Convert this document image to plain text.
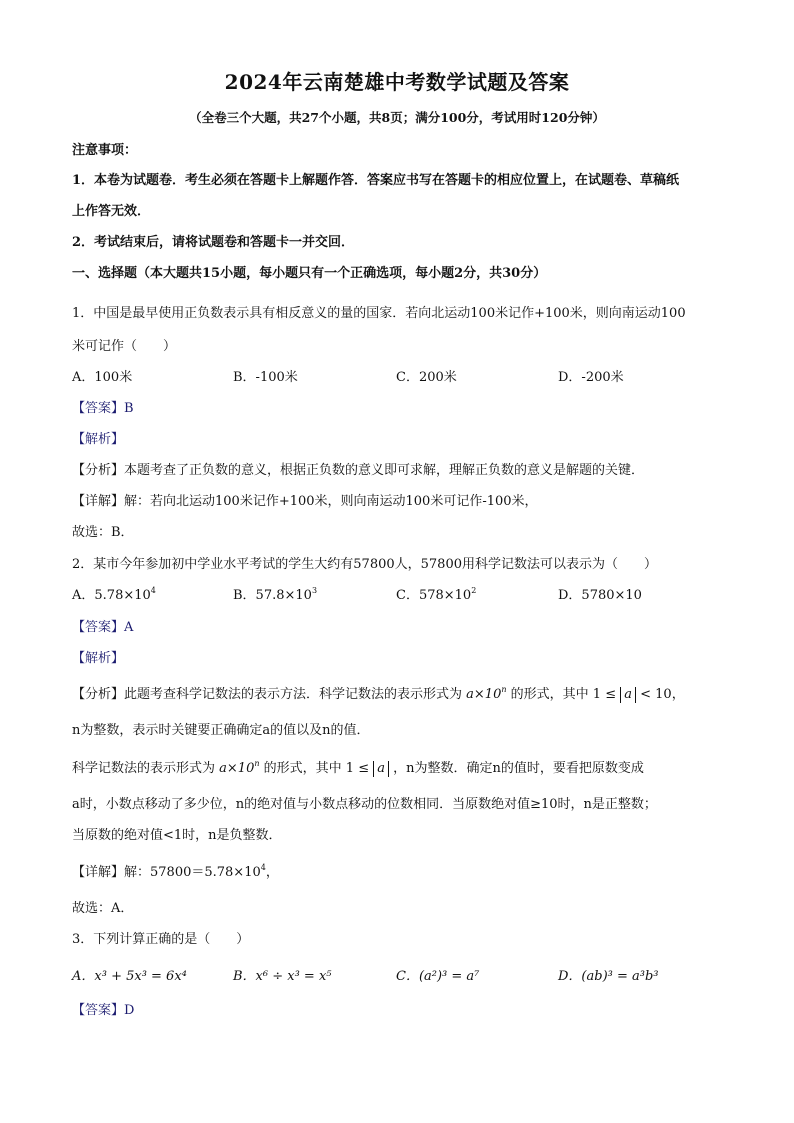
2024年云南楚雄中考数学试题及答案
（全卷三个大题，共27个小题，共8页；满分100分，考试用时120分钟）
注意事项：
1．本卷为试题卷．考生必须在答题卡上解题作答．答案应书写在答题卡的相应位置上，在试题卷、草稿纸
上作答无效．
2．考试结束后，请将试题卷和答题卡一并交回．
一、选择题（本大题共15小题，每小题只有一个正确选项，每小题2分，共30分）
1．中国是最早使用正负数表示具有相反意义的量的国家．若向北运动100米记作+100米，则向南运动100
米可记作（　　）
A．100米	B．-100米	C．200米	D．-200米
【答案】B
【解析】
【分析】本题考查了正负数的意义，根据正负数的意义即可求解，理解正负数的意义是解题的关键．
【详解】解：若向北运动100米记作+100米，则向南运动100米可记作-100米，
故选：B．
2．某市今年参加初中学业水平考试的学生大约有57800人，57800用科学记数法可以表示为（　　）
A．$5.78\times 10^4$	B．$57.8\times 10^3$	C．$578\times 10^2$	D．5780×10
【答案】A
【解析】
【分析】此题考查科学记数法的表示方法．科学记数法的表示形式为 $a\times 10^n$ 的形式，其中 1 ≤ a < 10，
n为整数，表示时关键要正确确定a的值以及n的值．
科学记数法的表示形式为 $a\times 10^n$ 的形式，其中 1 ≤ a ，n为整数．确定n的值时，要看把原数变成
a时，小数点移动了多少位，n的绝对值与小数点移动的位数相同．当原数绝对值≥10时，n是正整数；
当原数的绝对值<1时，n是负整数．
【详解】解：$57800=5.78\times 10^4$，
故选：A．
3．下列计算正确的是（　　）
A．x³ + 5x³ = 6x⁴	B．x⁶ ÷ x³ = x⁵	C．(a²)³ = a⁷	D．(ab)³ = a³b³
【答案】D
